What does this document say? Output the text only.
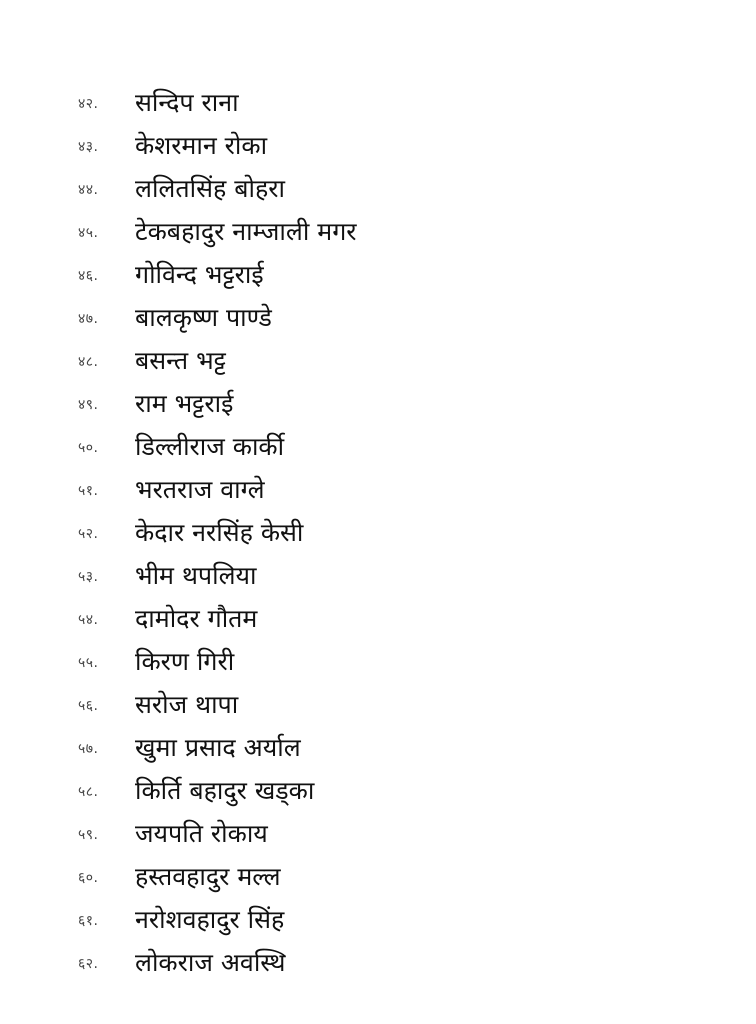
४२. सन्दिप राना
४३. केशरमान रोका
४४. ललितसिंह बोहरा
४५. टेकबहादुर नाम्जाली मगर
४६. गोविन्द भट्टराई
४७. बालकृष्ण पाण्डे
४८. बसन्त भट्ट
४९. राम भट्टराई
५०. डिल्लीराज कार्की
५१. भरतराज वाग्ले
५२. केदार नरसिंह केसी
५३. भीम थपलिया
५४. दामोदर गौतम
५५. किरण गिरी
५६. सरोज थापा
५७. खुमा प्रसाद अर्याल
५८. किर्ति बहादुर खड्का
५९. जयपति रोकाय
६०. हस्तवहादुर मल्ल
६१. नरोशवहादुर सिंह
६२. लोकराज अवस्थि
